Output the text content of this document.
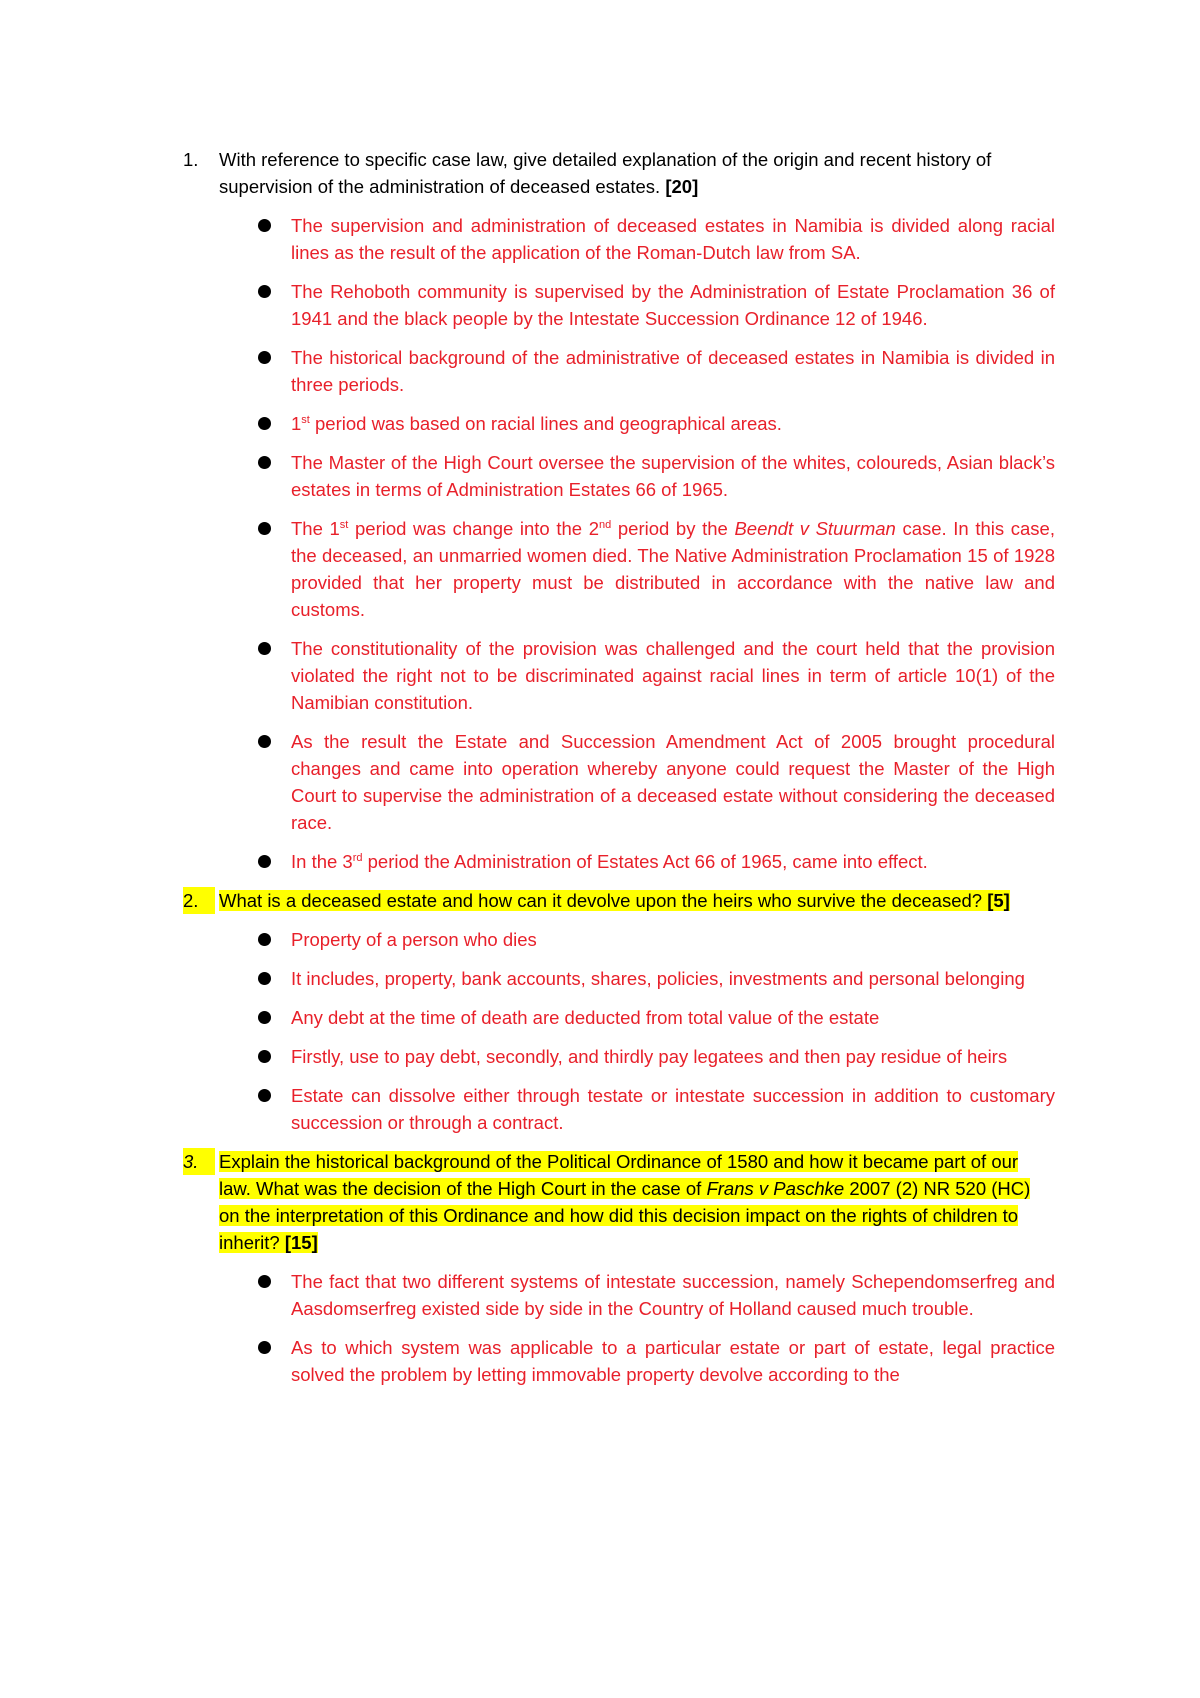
1.	With reference to specific case law, give detailed explanation of the origin and recent history of supervision of the administration of deceased estates. [20]

The supervision and administration of deceased estates in Namibia is divided along racial lines as the result of the application of the Roman-Dutch law from SA.
The Rehoboth community is supervised by the Administration of Estate Proclamation 36 of 1941 and the black people by the Intestate Succession Ordinance 12 of 1946.
The historical background of the administrative of deceased estates in Namibia is divided in three periods.
1st period was based on racial lines and geographical areas.
The Master of the High Court oversee the supervision of the whites, coloureds, Asian black’s estates in terms of Administration Estates 66 of 1965.
The 1st period was change into the 2nd period by the Beendt v Stuurman case. In this case, the deceased, an unmarried women died. The Native Administration Proclamation 15 of 1928 provided that her property must be distributed in accordance with the native law and customs.
The constitutionality of the provision was challenged and the court held that the provision violated the right not to be discriminated against racial lines in term of article 10(1) of the Namibian constitution.
As the result the Estate and Succession Amendment Act of 2005 brought procedural changes and came into operation whereby anyone could request the Master of the High Court to supervise the administration of a deceased estate without considering the deceased race.
In the 3rd period the Administration of Estates Act 66 of 1965, came into effect.

2.	What is a deceased estate and how can it devolve upon the heirs who survive the deceased? [5]

Property of a person who dies
It includes, property, bank accounts, shares, policies, investments and personal belonging
Any debt at the time of death are deducted from total value of the estate
Firstly, use to pay debt, secondly, and thirdly pay legatees and then pay residue of heirs
Estate can dissolve either through testate or intestate succession in addition to customary succession or through a contract.

3.	Explain the historical background of the Political Ordinance of 1580 and how it became part of our law. What was the decision of the High Court in the case of Frans v Paschke 2007 (2) NR 520 (HC) on the interpretation of this Ordinance and how did this decision impact on the rights of children to inherit? [15]

The fact that two different systems of intestate succession, namely Schependomserfreg and Aasdomserfreg existed side by side in the Country of Holland caused much trouble.
As to which system was applicable to a particular estate or part of estate, legal practice solved the problem by letting immovable property devolve according to the
